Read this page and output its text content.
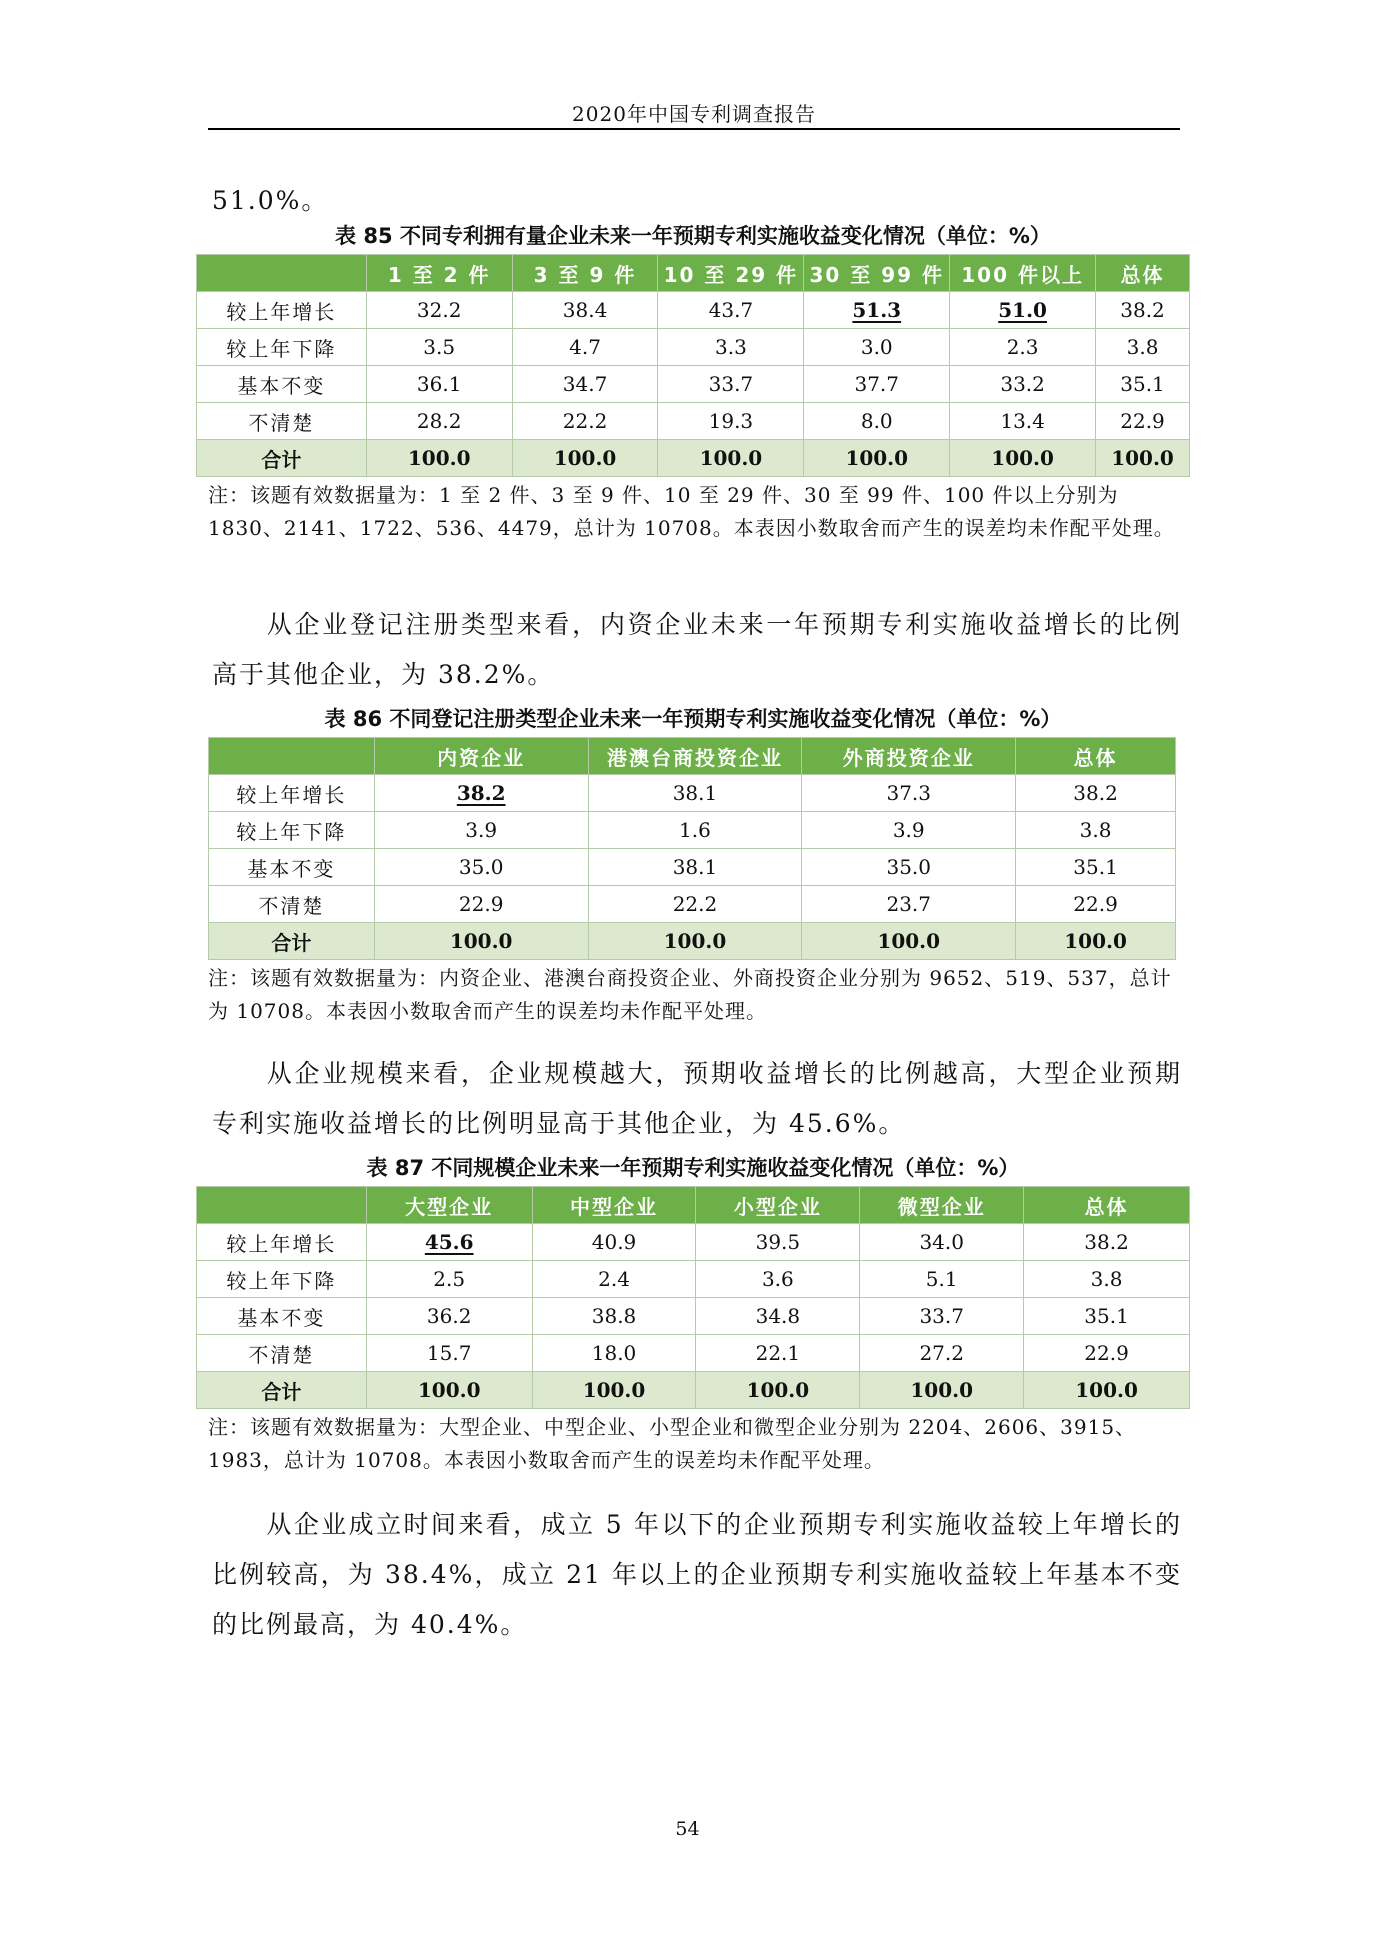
2020年中国专利调查报告
51.0%。
表 85 不同专利拥有量企业未来一年预期专利实施收益变化情况（单位：%）
	1 至 2 件	3 至 9 件	10 至 29 件	30 至 99 件	100 件以上	总体
较上年增长	32.2	38.4	43.7	51.3	51.0	38.2
较上年下降	3.5	4.7	3.3	3.0	2.3	3.8
基本不变	36.1	34.7	33.7	37.7	33.2	35.1
不清楚	28.2	22.2	19.3	8.0	13.4	22.9
合计	100.0	100.0	100.0	100.0	100.0	100.0
注：该题有效数据量为：1 至 2 件、3 至 9 件、10 至 29 件、30 至 99 件、100 件以上分别为 1830、2141、1722、536、4479，总计为 10708。本表因小数取舍而产生的误差均未作配平处理。
从企业登记注册类型来看，内资企业未来一年预期专利实施收益增长的比例高于其他企业，为 38.2%。
表 86 不同登记注册类型企业未来一年预期专利实施收益变化情况（单位：%）
	内资企业	港澳台商投资企业	外商投资企业	总体
较上年增长	38.2	38.1	37.3	38.2
较上年下降	3.9	1.6	3.9	3.8
基本不变	35.0	38.1	35.0	35.1
不清楚	22.9	22.2	23.7	22.9
合计	100.0	100.0	100.0	100.0
注：该题有效数据量为：内资企业、港澳台商投资企业、外商投资企业分别为 9652、519、537，总计为 10708。本表因小数取舍而产生的误差均未作配平处理。
从企业规模来看，企业规模越大，预期收益增长的比例越高，大型企业预期专利实施收益增长的比例明显高于其他企业，为 45.6%。
表 87 不同规模企业未来一年预期专利实施收益变化情况（单位：%）
	大型企业	中型企业	小型企业	微型企业	总体
较上年增长	45.6	40.9	39.5	34.0	38.2
较上年下降	2.5	2.4	3.6	5.1	3.8
基本不变	36.2	38.8	34.8	33.7	35.1
不清楚	15.7	18.0	22.1	27.2	22.9
合计	100.0	100.0	100.0	100.0	100.0
注：该题有效数据量为：大型企业、中型企业、小型企业和微型企业分别为 2204、2606、3915、1983，总计为 10708。本表因小数取舍而产生的误差均未作配平处理。
从企业成立时间来看，成立 5 年以下的企业预期专利实施收益较上年增长的比例较高，为 38.4%，成立 21 年以上的企业预期专利实施收益较上年基本不变的比例最高，为 40.4%。
54
